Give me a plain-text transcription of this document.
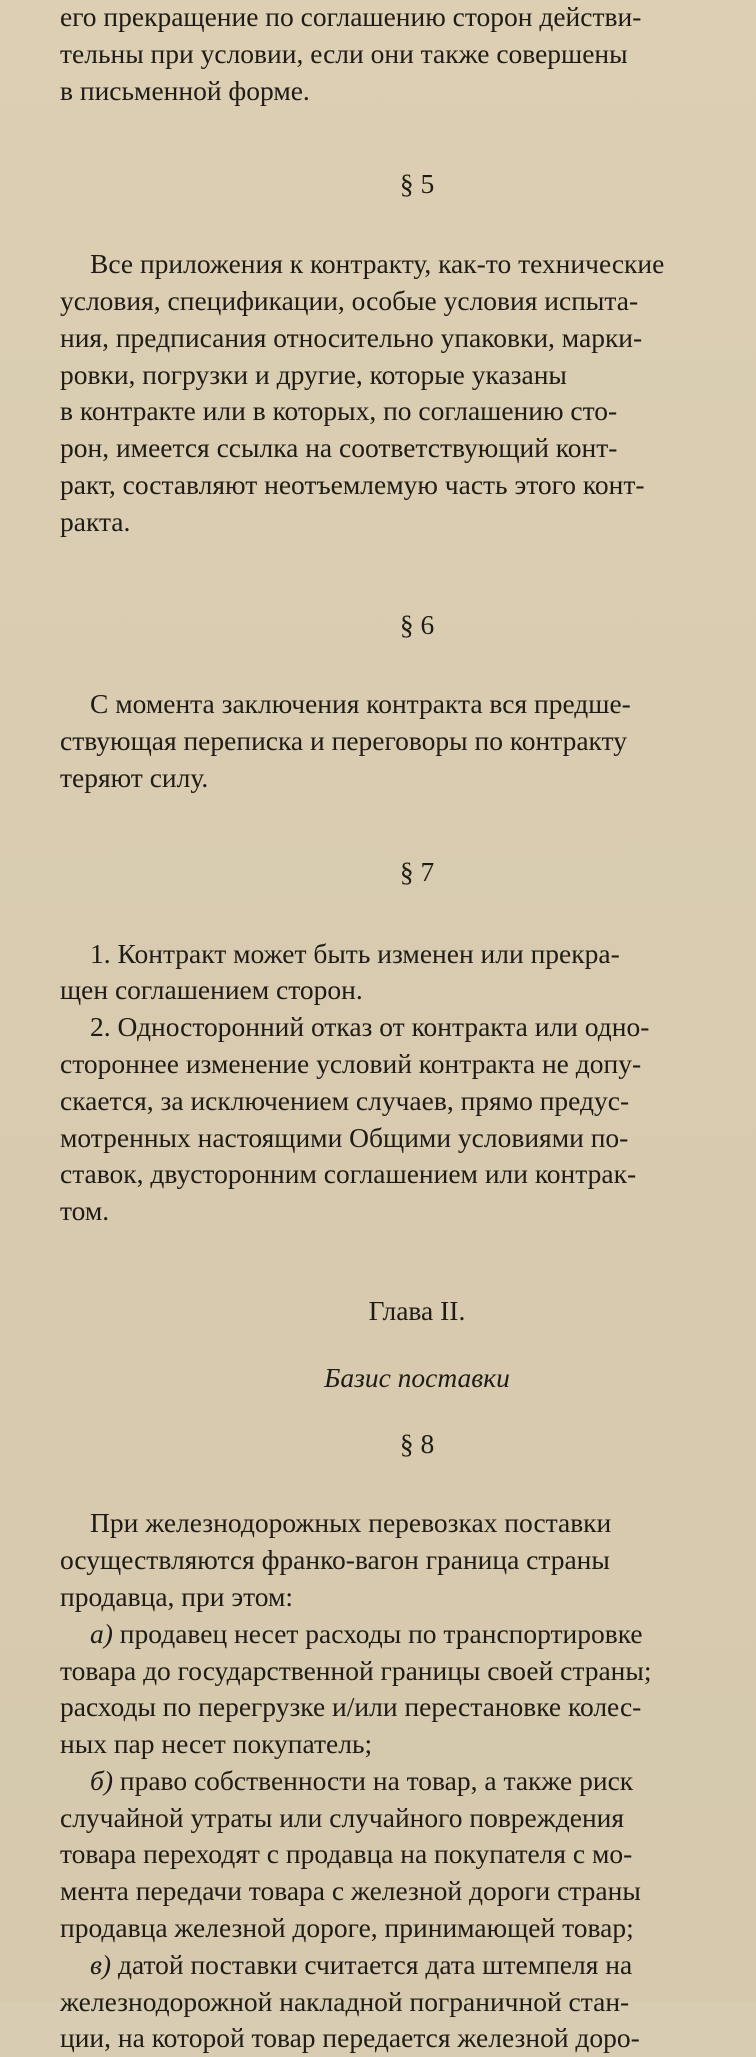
его прекращение по соглашению сторон действи-
тельны при условии, если они также совершены
в письменной форме.

§ 5

Все приложения к контракту, как-то технические
условия, спецификации, особые условия испыта-
ния, предписания относительно упаковки, марки-
ровки, погрузки и другие, которые указаны
в контракте или в которых, по соглашению сто-
рон, имеется ссылка на соответствующий конт-
ракт, составляют неотъемлемую часть этого конт-
ракта.

§ 6

С момента заключения контракта вся предше-
ствующая переписка и переговоры по контракту
теряют силу.

§ 7

1. Контракт может быть изменен или прекра-
щен соглашением сторон.

2. Односторонний отказ от контракта или одно-
стороннее изменение условий контракта не допу-
скается, за исключением случаев, прямо предус-
мотренных настоящими Общими условиями по-
ставок, двусторонним соглашением или контрак-
том.

Глава II.

Базис поставки

§ 8

При железнодорожных перевозках поставки
осуществляются франко-вагон граница страны
продавца, при этом:

а) продавец несет расходы по транспортировке
товара до государственной границы своей страны;
расходы по перегрузке и/или перестановке колес-
ных пар несет покупатель;

б) право собственности на товар, а также риск
случайной утраты или случайного повреждения
товара переходят с продавца на покупателя с мо-
мента передачи товара с железной дороги страны
продавца железной дороге, принимающей товар;

в) датой поставки считается дата штемпеля на
железнодорожной накладной пограничной стан-
ции, на которой товар передается железной доро-
